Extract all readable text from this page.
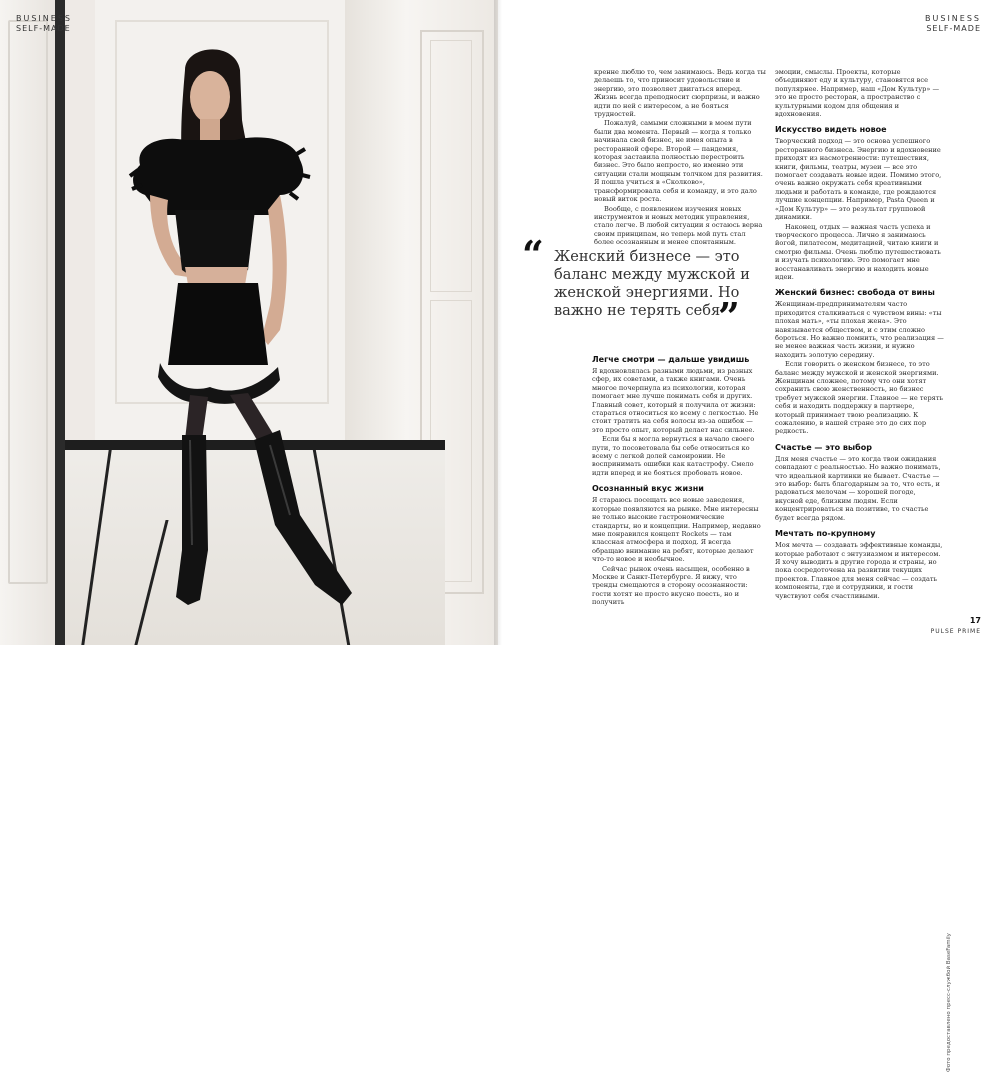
BUSINESS
SELF-MADE
Фото предоставлено пресс-службой BaseFamily
BUSINESS
SELF-MADE

кренне люблю то, чем занимаюсь. Ведь когда ты делаешь то, что приносит удовольствие и энергию, это позволяет двигаться вперед. Жизнь всегда преподносит сюрпризы, и важно идти по ней с интересом, а не бояться трудностей.

Пожалуй, самыми сложными в моем пути были два момента. Первый — когда я только начинала свой бизнес, не имея опыта в ресторанной сфере. Второй — пандемия, которая заставила полностью перестроить бизнес. Это было непросто, но именно эти ситуации стали мощным толчком для развития. Я пошла учиться в «Сколково», трансформировала себя и команду, и это дало новый виток роста.

Вообще, с появлением изучения новых инструментов и новых методик управления, стало легче. В любой ситуации я остаюсь верна своим принципам, но теперь мой путь стал более осознанным и менее спонтанным.

“ Женский бизнесе — это баланс между мужской и женской энергиями. Но важно не терять себя
”
Легче смотри — дальше увидишь

Я вдохновлялась разными людьми, из разных сфер, их советами, а также книгами. Очень многое почерпнула из психологии, которая помогает мне лучше понимать себя и других. Главный совет, который я получила от жизни: стараться относиться ко всему с легкостью. Не стоит тратить на себя волосы из-за ошибок — это просто опыт, который делает нас сильнее.

Если бы я могла вернуться в начало своего пути, то посоветовала бы себе относиться ко всему с легкой долей самоиронии. Не воспринимать ошибки как катастрофу. Смело идти вперед и не бояться пробовать новое.

Осознанный вкус жизни

Я стараюсь посещать все новые заведения, которые появляются на рынке. Мне интересны не только высокие гастрономические стандарты, но и концепции. Например, недавно мне понравился концепт Rockets — там классная атмосфера и подход. Я всегда обращаю внимание на ребят, которые делают что-то новое и необычное.

Сейчас рынок очень насыщен, особенно в Москве и Санкт-Петербурге. Я вижу, что тренды смещаются в сторону осознанности: гости хотят не просто вкусно поесть, но и получить

эмоции, смыслы. Проекты, которые объединяют еду и культуру, становятся все популярнее. Например, наш «Дом Культур» — это не просто ресторан, а пространство с культурными кодом для общения и вдохновения.

Искусство видеть новое

Творческий подход — это основа успешного ресторанного бизнеса. Энергию и вдохновение приходят из насмотренности: путешествия, книги, фильмы, театры, музеи — все это помогает создавать новые идеи. Помимо этого, очень важно окружать себя креативными людьми и работать в команде, где рождаются лучшие концепции. Например, Pasta Queen и «Дом Культур» — это результат групповой динамики.

Наконец, отдых — важная часть успеха и творческого процесса. Лично я занимаюсь йогой, пилатесом, медитацией, читаю книги и смотрю фильмы. Очень люблю путешествовать и изучать психологию. Это помогает мне восстанавливать энергию и находить новые идеи.

Женский бизнес: свобода от вины

Женщинам-предпринимателям часто приходится сталкиваться с чувством вины: «ты плохая мать», «ты плохая жена». Это навязывается обществом, и с этим сложно бороться. Но важно помнить, что реализация — не менее важная часть жизни, и нужно находить золотую середину.

Если говорить о женском бизнесе, то это баланс между мужской и женской энергиями. Женщинам сложнее, потому что они хотят сохранить свою женственность, но бизнес требует мужской энергии. Главное — не терять себя и находить поддержку в партнере, который принимает твою реализацию. К сожалению, в нашей стране это до сих пор редкость.

Счастье — это выбор

Для меня счастье — это когда твои ожидания совпадают с реальностью. Но важно понимать, что идеальной картинки не бывает. Счастье — это выбор: быть благодарным за то, что есть, и радоваться мелочам — хорошей погоде, вкусной еде, близким людям. Если концентрироваться на позитиве, то счастье будет всегда рядом.

Мечтать по-крупному

Моя мечта — создавать эффективные команды, которые работают с энтузиазмом и интересом. Я хочу выводить в другие города и страны, но пока сосредоточена на развитии текущих проектов. Главное для меня сейчас — создать компоненты, где и сотрудники, и гости чувствуют себя счастливыми.

17
PULSE PRIME
